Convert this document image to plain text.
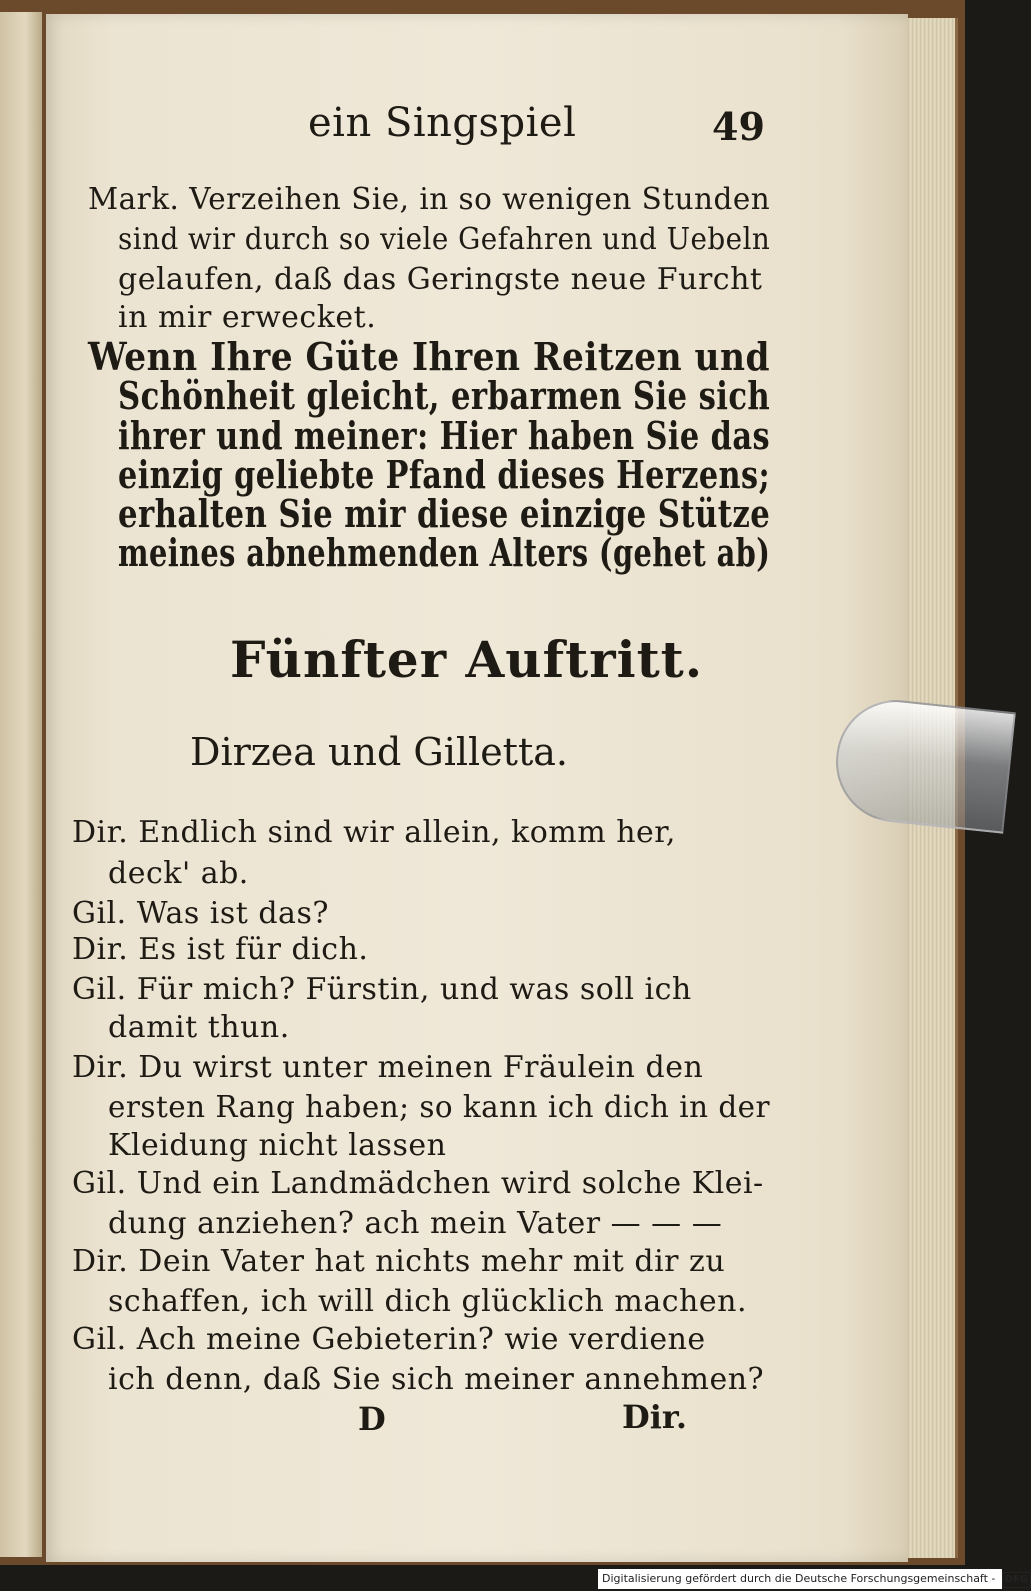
ein Singspiel	49
Mark. Verzeihen Sie, in so wenigen Stunden
sind wir durch so viele Gefahren und Uebeln
gelaufen, daß das Geringste neue Furcht
in mir erwecket.
Wenn Ihre Güte Ihren Reitzen und
Schönheit gleicht, erbarmen Sie sich
ihrer und meiner: Hier haben Sie das
einzig geliebte Pfand dieses Herzens;
erhalten Sie mir diese einzige Stütze
meines abnehmenden Alters (gehet ab)
Fünfter Auftritt.
Dirzea und Gilletta.
Dir. Endlich sind wir allein, komm her,
deck' ab.
Gil. Was ist das?
Dir. Es ist für dich.
Gil. Für mich? Fürstin, und was soll ich
damit thun.
Dir. Du wirst unter meinen Fräulein den
ersten Rang haben; so kann ich dich in der
Kleidung nicht lassen
Gil. Und ein Landmädchen wird solche Klei-
dung anziehen? ach mein Vater — — —
Dir. Dein Vater hat nichts mehr mit dir zu
schaffen, ich will dich glücklich machen.
Gil. Ach meine Gebieterin? wie verdiene
ich denn, daß Sie sich meiner annehmen?
D	Dir.
Digitalisierung gefördert durch die Deutsche Forschungsgemeinschaft - DFG
